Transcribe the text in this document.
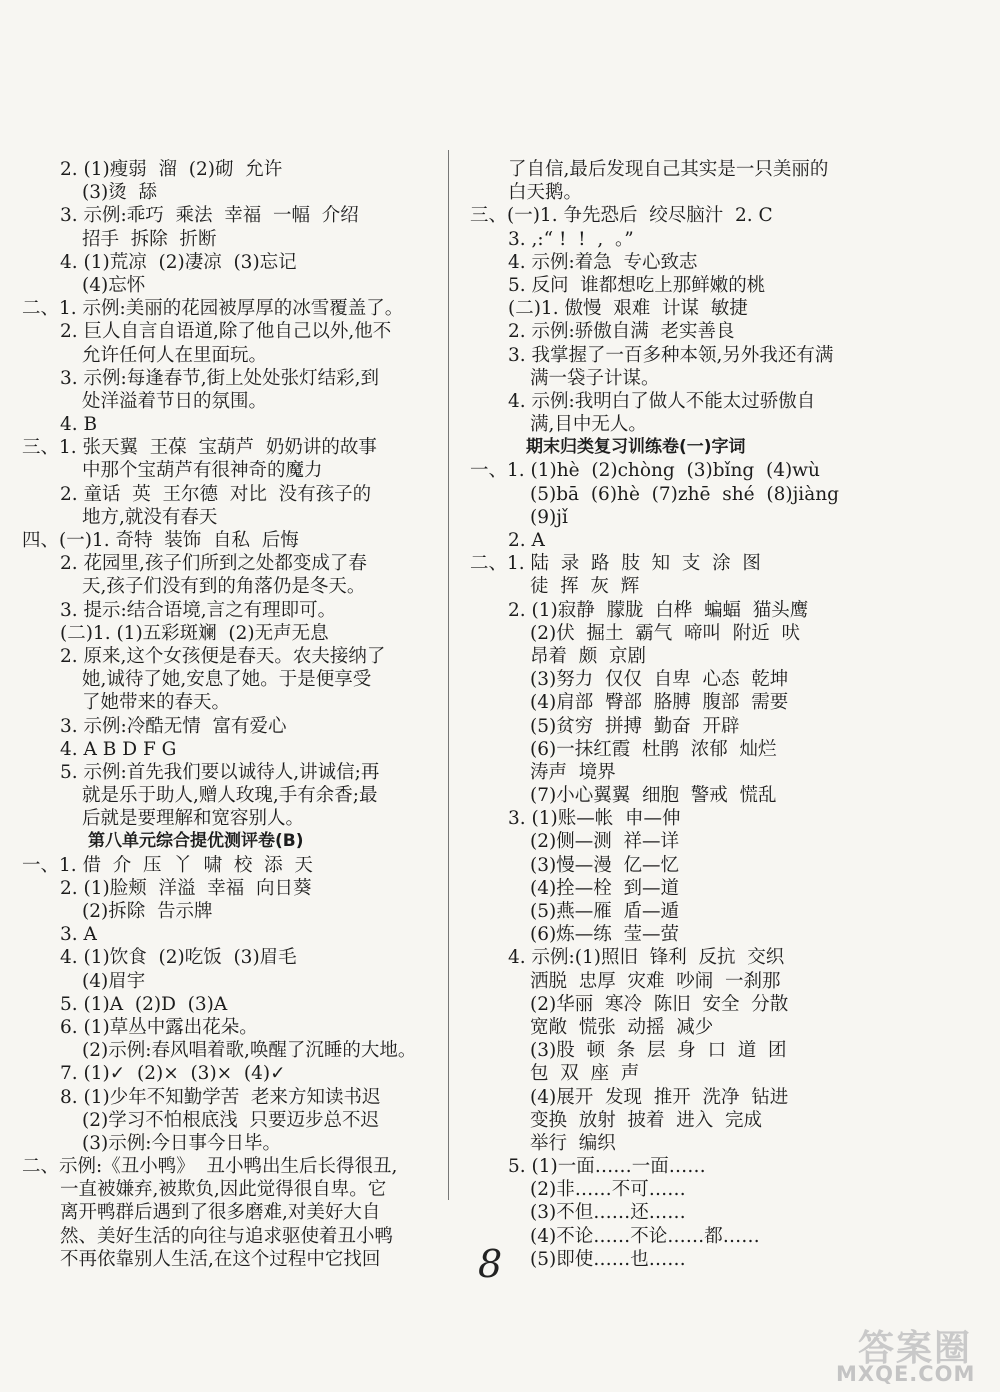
2. (1)瘦弱  溜  (2)砌  允许
(3)烫  舔
3. 示例:乖巧  乘法  幸福  一幅  介绍
招手  拆除  折断
4. (1)荒凉  (2)凄凉  (3)忘记
(4)忘怀
二、1. 示例:美丽的花园被厚厚的冰雪覆盖了。
2. 巨人自言自语道,除了他自己以外,他不
允许任何人在里面玩。
3. 示例:每逢春节,街上处处张灯结彩,到
处洋溢着节日的氛围。
4. B
三、1. 张天翼  王葆  宝葫芦  奶奶讲的故事
中那个宝葫芦有很神奇的魔力
2. 童话  英  王尔德  对比  没有孩子的
地方,就没有春天
四、(一)1. 奇特  装饰  自私  后悔
2. 花园里,孩子们所到之处都变成了春
天,孩子们没有到的角落仍是冬天。
3. 提示:结合语境,言之有理即可。
(二)1. (1)五彩斑斓  (2)无声无息
2. 原来,这个女孩便是春天。农夫接纳了
她,诚待了她,安息了她。于是便享受
了她带来的春天。
3. 示例:冷酷无情  富有爱心
4. A B D F G
5. 示例:首先我们要以诚待人,讲诚信;再
就是乐于助人,赠人玫瑰,手有余香;最
后就是要理解和宽容别人。
第八单元综合提优测评卷(B)
一、1. 借  介  压  丫  啸  校  添  天
2. (1)脸颊  洋溢  幸福  向日葵
(2)拆除  告示牌
3. A
4. (1)饮食  (2)吃饭  (3)眉毛
(4)眉宇
5. (1)A  (2)D  (3)A
6. (1)草丛中露出花朵。
(2)示例:春风唱着歌,唤醒了沉睡的大地。
7. (1)✓  (2)×  (3)×  (4)✓
8. (1)少年不知勤学苦  老来方知读书迟
(2)学习不怕根底浅  只要迈步总不迟
(3)示例:今日事今日毕。
二、示例:《丑小鸭》  丑小鸭出生后长得很丑,
一直被嫌弃,被欺负,因此觉得很自卑。它
离开鸭群后遇到了很多磨难,对美好大自
然、美好生活的向往与追求驱使着丑小鸭
不再依靠别人生活,在这个过程中它找回
了自信,最后发现自己其实是一只美丽的
白天鹅。
三、(一)1. 争先恐后  绞尽脑汁  2. C
3. ,:“ !  !  ,  。”
4. 示例:着急  专心致志
5. 反问  谁都想吃上那鲜嫩的桃
(二)1. 傲慢  艰难  计谋  敏捷
2. 示例:骄傲自满  老实善良
3. 我掌握了一百多种本领,另外我还有满
满一袋子计谋。
4. 示例:我明白了做人不能太过骄傲自
满,目中无人。
期末归类复习训练卷(一)字词
一、1. (1)hè  (2)chòng  (3)bǐng  (4)wù
(5)bā  (6)hè  (7)zhē  shé  (8)jiàng
(9)jǐ
2. A
二、1. 陆  录  路  肢  知  支  涂  图
徒  挥  灰  辉
2. (1)寂静  朦胧  白桦  蝙蝠  猫头鹰
(2)伏  掘土  霸气  啼叫  附近  吠
昂着  颇  京剧
(3)努力  仅仅  自卑  心态  乾坤
(4)肩部  臀部  胳膊  腹部  需要
(5)贫穷  拼搏  勤奋  开辟
(6)一抹红霞  杜鹃  浓郁  灿烂
涛声  境界
(7)小心翼翼  细胞  警戒  慌乱
3. (1)账—帐  申—伸
(2)侧—测  祥—详
(3)慢—漫  亿—忆
(4)拴—栓  到—道
(5)燕—雁  盾—遁
(6)炼—练  莹—萤
4. 示例:(1)照旧  锋利  反抗  交织
洒脱  忠厚  灾难  吵闹  一刹那
(2)华丽  寒冷  陈旧  安全  分散
宽敞  慌张  动摇  减少
(3)股  顿  条  层  身  口  道  团
包  双  座  声
(4)展开  发现  推开  洗净  钻进
变换  放射  披着  进入  完成
举行  编织
5. (1)一面……一面……
(2)非……不可……
(3)不但……还……
(4)不论……不论……都……
(5)即使……也……
8
答案圈
MXQE.COM
